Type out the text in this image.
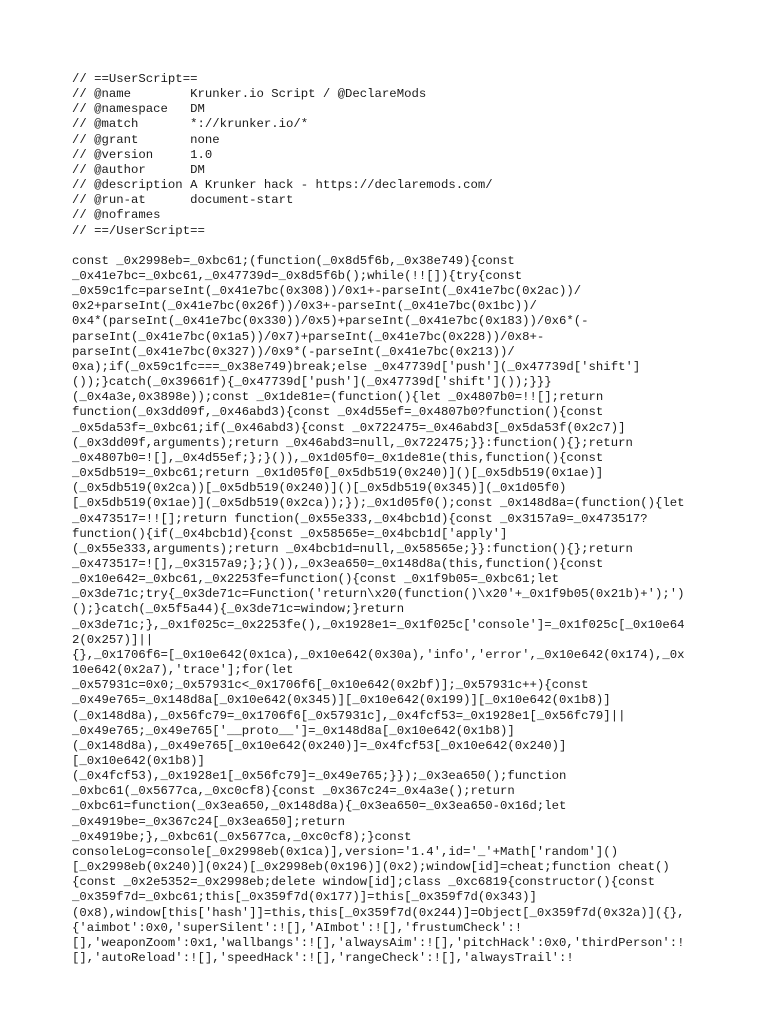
// ==UserScript==
// @name        Krunker.io Script / @DeclareMods
// @namespace   DM
// @match       *://krunker.io/*
// @grant       none
// @version     1.0
// @author      DM
// @description A Krunker hack - https://declaremods.com/
// @run-at      document-start
// @noframes
// ==/UserScript==
const _0x2998eb=_0xbc61;(function(_0x8d5f6b,_0x38e749){const
_0x41e7bc=_0xbc61,_0x47739d=_0x8d5f6b();while(!![]){try{const
_0x59c1fc=parseInt(_0x41e7bc(0x308))/0x1+-parseInt(_0x41e7bc(0x2ac))/
0x2+parseInt(_0x41e7bc(0x26f))/0x3+-parseInt(_0x41e7bc(0x1bc))/
0x4*(parseInt(_0x41e7bc(0x330))/0x5)+parseInt(_0x41e7bc(0x183))/0x6*(-
parseInt(_0x41e7bc(0x1a5))/0x7)+parseInt(_0x41e7bc(0x228))/0x8+-
parseInt(_0x41e7bc(0x327))/0x9*(-parseInt(_0x41e7bc(0x213))/
0xa);if(_0x59c1fc===_0x38e749)break;else _0x47739d['push'](_0x47739d['shift']
());}catch(_0x39661f){_0x47739d['push'](_0x47739d['shift']());}}}
(_0x4a3e,0x3898e));const _0x1de81e=(function(){let _0x4807b0=!![];return
function(_0x3dd09f,_0x46abd3){const _0x4d55ef=_0x4807b0?function(){const
_0x5da53f=_0xbc61;if(_0x46abd3){const _0x722475=_0x46abd3[_0x5da53f(0x2c7)]
(_0x3dd09f,arguments);return _0x46abd3=null,_0x722475;}}:function(){};return
_0x4807b0=![],_0x4d55ef;};}()),_0x1d05f0=_0x1de81e(this,function(){const
_0x5db519=_0xbc61;return _0x1d05f0[_0x5db519(0x240)]()[_0x5db519(0x1ae)]
(_0x5db519(0x2ca))[_0x5db519(0x240)]()[_0x5db519(0x345)](_0x1d05f0)
[_0x5db519(0x1ae)](_0x5db519(0x2ca));});_0x1d05f0();const _0x148d8a=(function(){let
_0x473517=!![];return function(_0x55e333,_0x4bcb1d){const _0x3157a9=_0x473517?
function(){if(_0x4bcb1d){const _0x58565e=_0x4bcb1d['apply']
(_0x55e333,arguments);return _0x4bcb1d=null,_0x58565e;}}:function(){};return
_0x473517=![],_0x3157a9;};}()),_0x3ea650=_0x148d8a(this,function(){const
_0x10e642=_0xbc61,_0x2253fe=function(){const _0x1f9b05=_0xbc61;let
_0x3de71c;try{_0x3de71c=Function('return\x20(function()\x20'+_0x1f9b05(0x21b)+');')
();}catch(_0x5f5a44){_0x3de71c=window;}return
_0x3de71c;},_0x1f025c=_0x2253fe(),_0x1928e1=_0x1f025c['console']=_0x1f025c[_0x10e64
2(0x257)]||
{},_0x1706f6=[_0x10e642(0x1ca),_0x10e642(0x30a),'info','error',_0x10e642(0x174),_0x
10e642(0x2a7),'trace'];for(let
_0x57931c=0x0;_0x57931c<_0x1706f6[_0x10e642(0x2bf)];_0x57931c++){const
_0x49e765=_0x148d8a[_0x10e642(0x345)][_0x10e642(0x199)][_0x10e642(0x1b8)]
(_0x148d8a),_0x56fc79=_0x1706f6[_0x57931c],_0x4fcf53=_0x1928e1[_0x56fc79]||
_0x49e765;_0x49e765['__proto__']=_0x148d8a[_0x10e642(0x1b8)]
(_0x148d8a),_0x49e765[_0x10e642(0x240)]=_0x4fcf53[_0x10e642(0x240)]
[_0x10e642(0x1b8)]
(_0x4fcf53),_0x1928e1[_0x56fc79]=_0x49e765;}});_0x3ea650();function
_0xbc61(_0x5677ca,_0xc0cf8){const _0x367c24=_0x4a3e();return
_0xbc61=function(_0x3ea650,_0x148d8a){_0x3ea650=_0x3ea650-0x16d;let
_0x4919be=_0x367c24[_0x3ea650];return
_0x4919be;},_0xbc61(_0x5677ca,_0xc0cf8);}const
consoleLog=console[_0x2998eb(0x1ca)],version='1.4',id='_'+Math['random']()
[_0x2998eb(0x240)](0x24)[_0x2998eb(0x196)](0x2);window[id]=cheat;function cheat()
{const _0x2e5352=_0x2998eb;delete window[id];class _0xc6819{constructor(){const
_0x359f7d=_0xbc61;this[_0x359f7d(0x177)]=this[_0x359f7d(0x343)]
(0x8),window[this['hash']]=this,this[_0x359f7d(0x244)]=Object[_0x359f7d(0x32a)]({},
{'aimbot':0x0,'superSilent':![],'AImbot':![],'frustumCheck':!
[],'weaponZoom':0x1,'wallbangs':![],'alwaysAim':![],'pitchHack':0x0,'thirdPerson':!
[],'autoReload':![],'speedHack':![],'rangeCheck':![],'alwaysTrail':!
